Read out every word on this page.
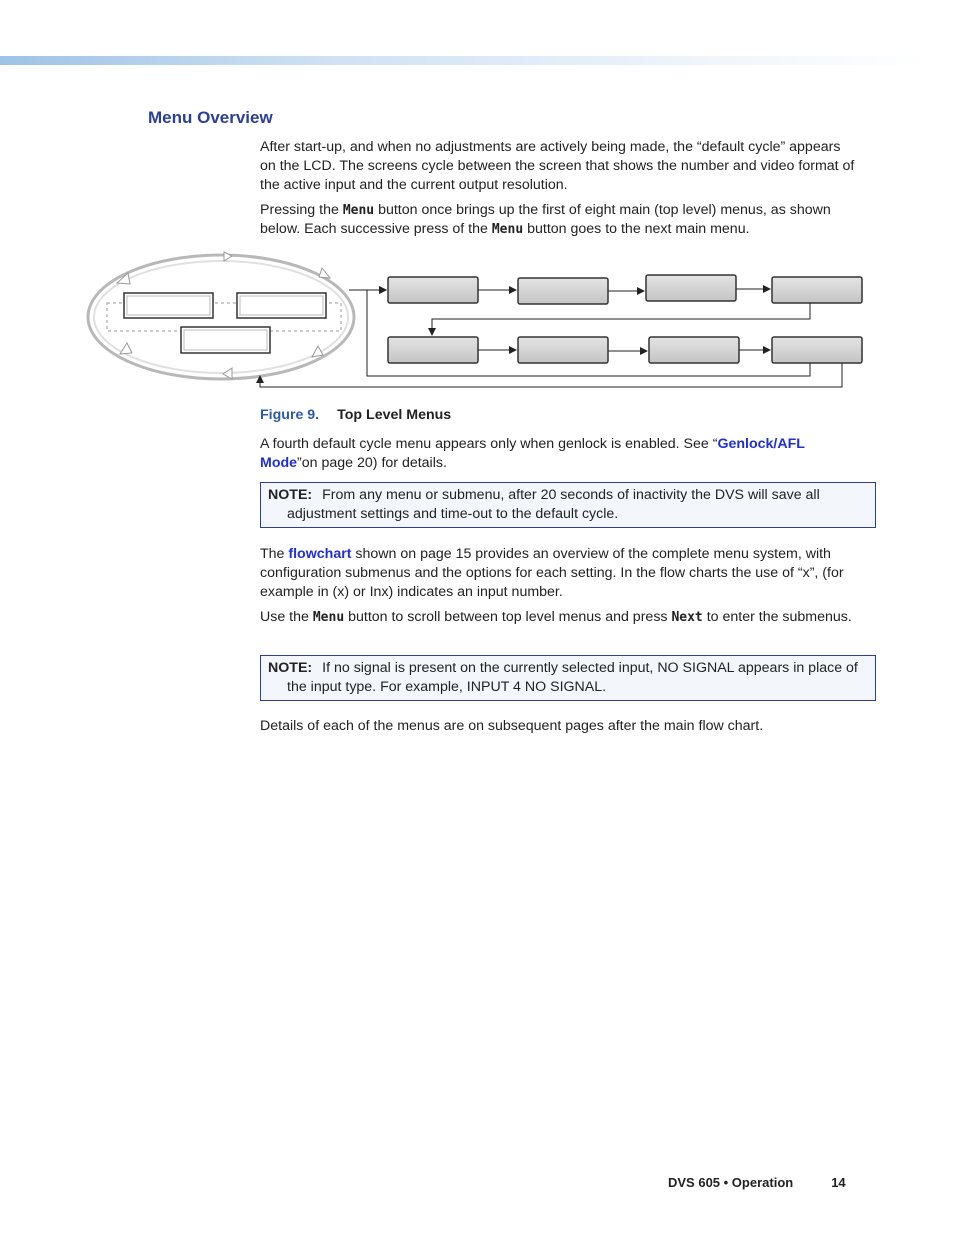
Menu Overview

After start-up, and when no adjustments are actively being made, the “default cycle” appears on the LCD. The screens cycle between the screen that shows the number and video format of the active input and the current output resolution.

Pressing the Menu button once brings up the first of eight main (top level) menus, as shown below. Each successive press of the Menu button goes to the next main menu.

Figure 9. Top Level Menus

A fourth default cycle menu appears only when genlock is enabled. See “Genlock/AFL Mode”on page 20) for details.

NOTE: From any menu or submenu, after 20 seconds of inactivity the DVS will save all adjustment settings and time-out to the default cycle.

The flowchart shown on page 15 provides an overview of the complete menu system, with configuration submenus and the options for each setting. In the flow charts the use of “x”, (for example in (x) or Inx) indicates an input number.

Use the Menu button to scroll between top level menus and press Next to enter the submenus.

NOTE: If no signal is present on the currently selected input, NO SIGNAL appears in place of the input type. For example, INPUT 4 NO SIGNAL.

Details of each of the menus are on subsequent pages after the main flow chart.

DVS 605 • Operation	14
